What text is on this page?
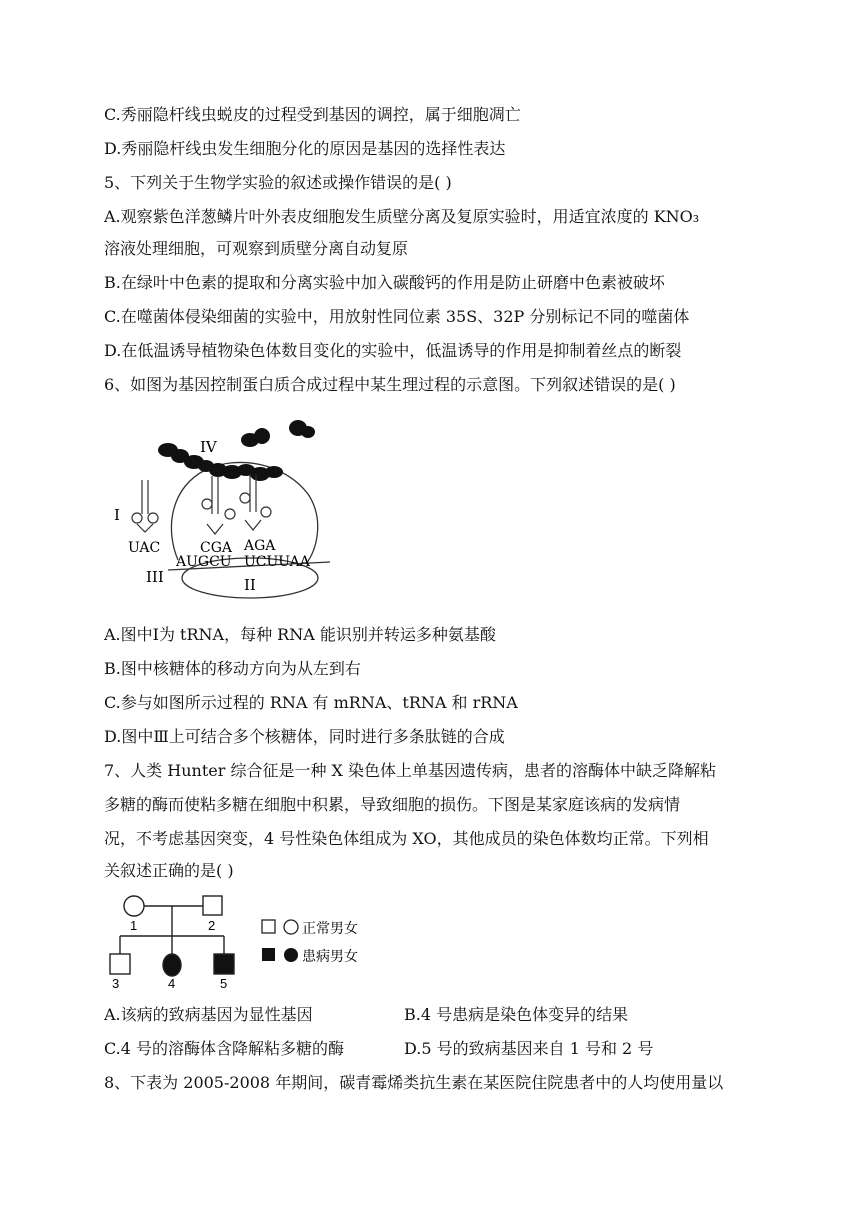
C.秀丽隐杆线虫蜕皮的过程受到基因的调控，属于细胞凋亡
D.秀丽隐杆线虫发生细胞分化的原因是基因的选择性表达
5、下列关于生物学实验的叙述或操作错误的是( )
A.观察紫色洋葱鳞片叶外表皮细胞发生质壁分离及复原实验时，用适宜浓度的 KNO₃
溶液处理细胞，可观察到质壁分离自动复原
B.在绿叶中色素的提取和分离实验中加入碳酸钙的作用是防止研磨中色素被破坏
C.在噬菌体侵染细菌的实验中，用放射性同位素 35S、32P 分别标记不同的噬菌体
D.在低温诱导植物染色体数目变化的实验中，低温诱导的作用是抑制着丝点的断裂
6、如图为基因控制蛋白质合成过程中某生理过程的示意图。下列叙述错误的是( )
IV
I
UAC	CGA AGA
AUGCU UCUUAA
III	II
A.图中Ⅰ为 tRNA，每种 RNA 能识别并转运多种氨基酸
B.图中核糖体的移动方向为从左到右
C.参与如图所示过程的 RNA 有 mRNA、tRNA 和 rRNA
D.图中Ⅲ上可结合多个核糖体，同时进行多条肽链的合成
7、人类 Hunter 综合征是一种 X 染色体上单基因遗传病，患者的溶酶体中缺乏降解粘
多糖的酶而使粘多糖在细胞中积累，导致细胞的损伤。下图是某家庭该病的发病情
况，不考虑基因突变，4 号性染色体组成为 XO，其他成员的染色体数均正常。下列相
关叙述正确的是( )
1	2
3	4	5
正常男女
患病男女
A.该病的致病基因为显性基因	B.4 号患病是染色体变异的结果
C.4 号的溶酶体含降解粘多糖的酶	D.5 号的致病基因来自 1 号和 2 号
8、下表为 2005-2008 年期间，碳青霉烯类抗生素在某医院住院患者中的人均使用量以
